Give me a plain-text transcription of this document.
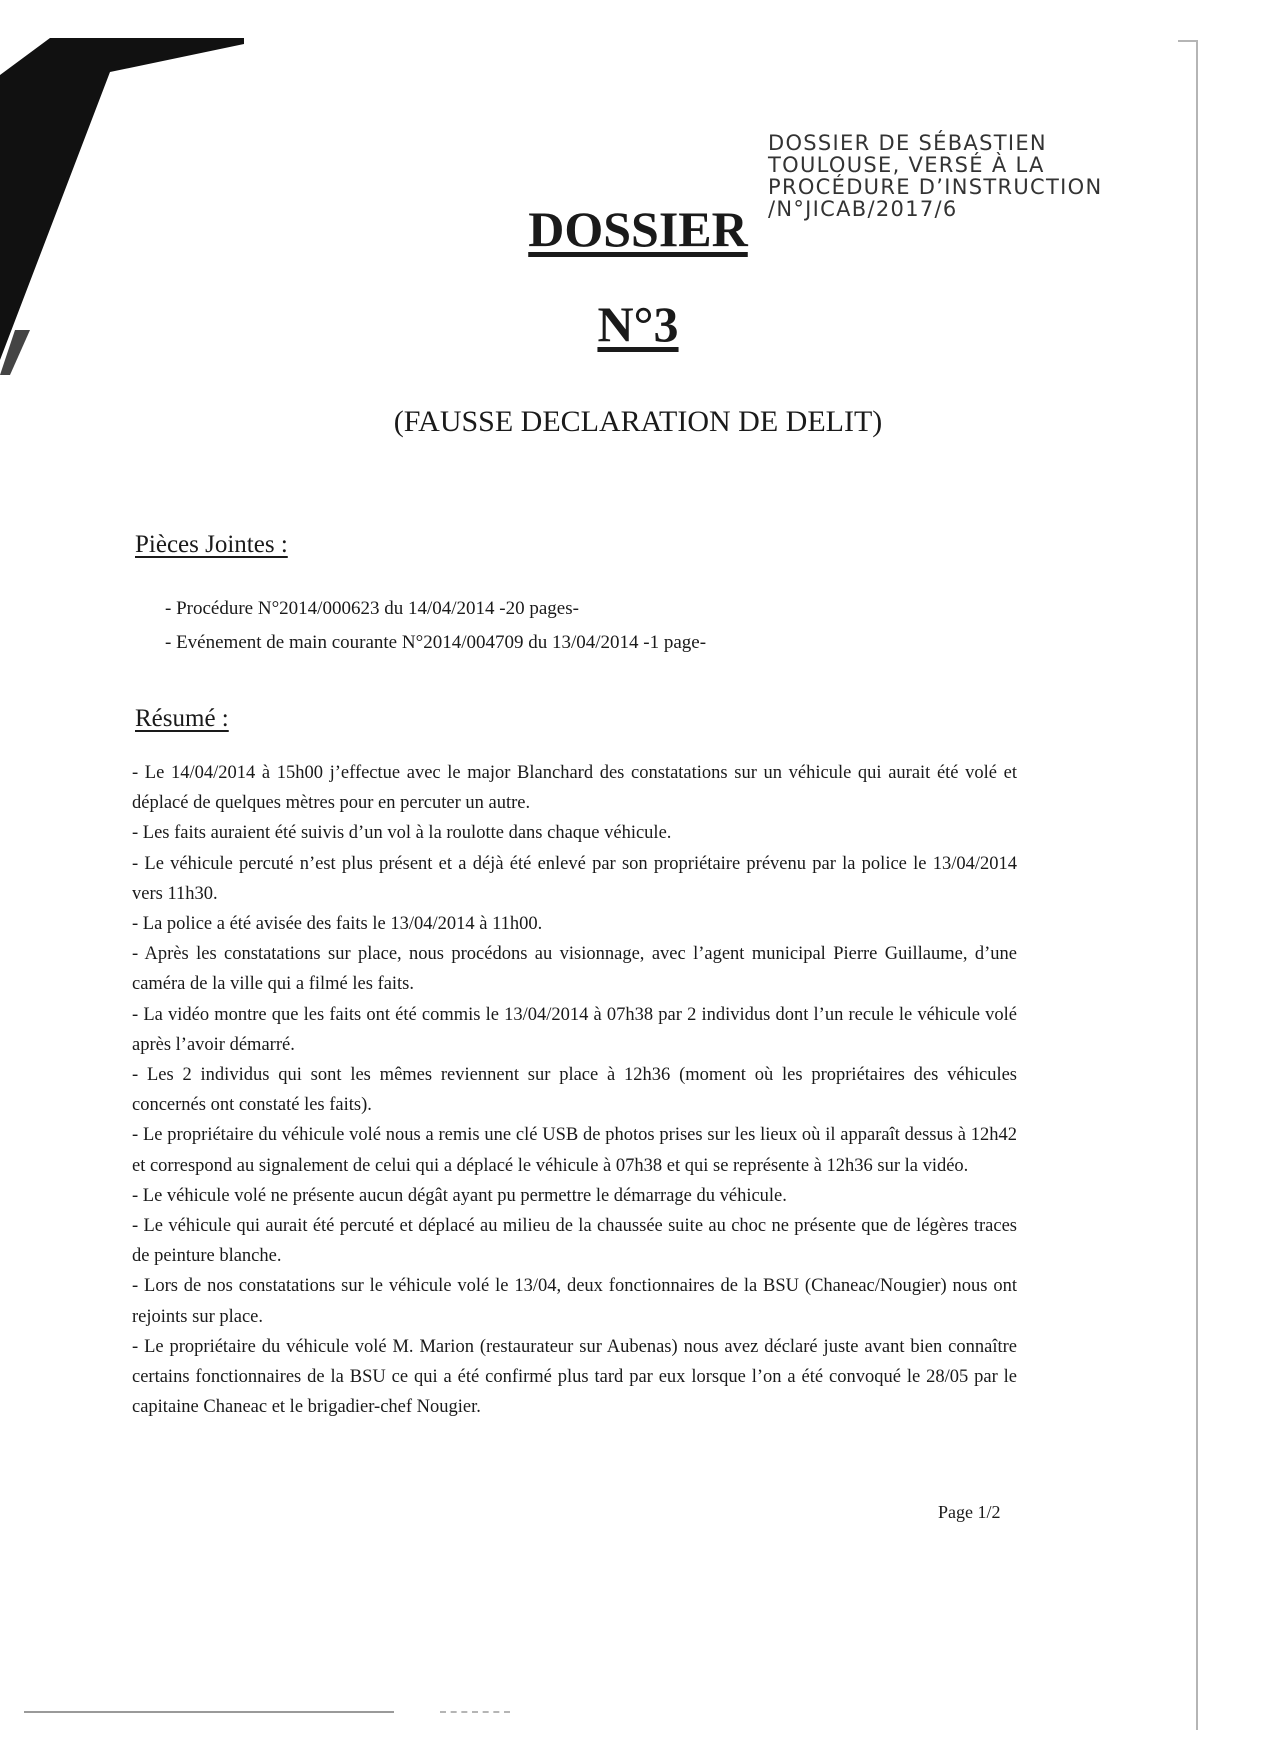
DOSSIER DE SÉBASTIEN
TOULOUSE, VERSÉ À LA
PROCÉDURE D’INSTRUCTION
/N°JICAB/2017/6
DOSSIER
N°3
(FAUSSE DECLARATION DE DELIT)
Pièces Jointes :
- Procédure N°2014/000623 du 14/04/2014 -20 pages-
- Evénement de main courante N°2014/004709 du 13/04/2014 -1 page-
Résumé :

- Le 14/04/2014 à 15h00 j’effectue avec le major Blanchard des constatations sur un véhicule qui aurait été volé et déplacé de quelques mètres pour en percuter un autre.

- Les faits auraient été suivis d’un vol à la roulotte dans chaque véhicule.

- Le véhicule percuté n’est plus présent et a déjà été enlevé par son propriétaire prévenu par la police le 13/04/2014 vers 11h30.

- La police a été avisée des faits le 13/04/2014 à 11h00.

- Après les constatations sur place, nous procédons au visionnage, avec l’agent municipal Pierre Guillaume, d’une caméra de la ville qui a filmé les faits.

- La vidéo montre que les faits ont été commis le 13/04/2014 à 07h38 par 2 individus dont l’un recule le véhicule volé après l’avoir démarré.

- Les 2 individus qui sont les mêmes reviennent sur place à 12h36 (moment où les propriétaires des véhicules concernés ont constaté les faits).

- Le propriétaire du véhicule volé nous a remis une clé USB de photos prises sur les lieux où il apparaît dessus à 12h42 et correspond au signalement de celui qui a déplacé le véhicule à 07h38 et qui se représente à 12h36 sur la vidéo.

- Le véhicule volé ne présente aucun dégât ayant pu permettre le démarrage du véhicule.

- Le véhicule qui aurait été percuté et déplacé au milieu de la chaussée suite au choc ne présente que de légères traces de peinture blanche.

- Lors de nos constatations sur le véhicule volé le 13/04, deux fonctionnaires de la BSU (Chaneac/Nougier) nous ont rejoints sur place.

- Le propriétaire du véhicule volé M. Marion (restaurateur sur Aubenas) nous avez déclaré juste avant bien connaître certains fonctionnaires de la BSU ce qui a été confirmé plus tard par eux lorsque l’on a été convoqué le 28/05 par le capitaine Chaneac et le brigadier-chef Nougier.

Page 1/2
